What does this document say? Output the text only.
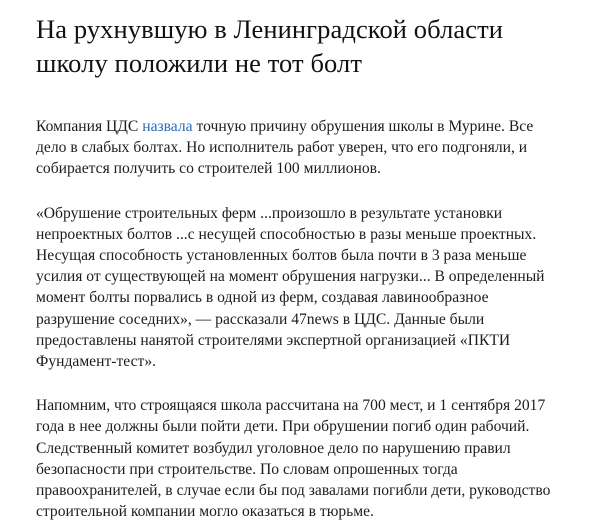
На рухнувшую в Ленинградской области
школу положили не тот болт

Компания ЦДС назвала точную причину обрушения школы в Мурине. Все дело в слабых болтах. Но исполнитель работ уверен, что его подгоняли, и собирается получить со строителей 100 миллионов.

«Обрушение строительных ферм ...произошло в результате установки непроектных болтов ...с несущей способностью в разы меньше проектных. Несущая способность установленных болтов была почти в 3 раза меньше усилия от существующей на момент обрушения нагрузки... В определенный момент болты порвались в одной из ферм, создавая лавинообразное разрушение соседних», — рассказали 47news в ЦДС. Данные были предоставлены нанятой строителями экспертной организацией «ПКТИ Фундамент-тест».

Напомним, что строящаяся школа рассчитана на 700 мест, и 1 сентября 2017 года в нее должны были пойти дети. При обрушении погиб один рабочий. Следственный комитет возбудил уголовное дело по нарушению правил безопасности при строительстве. По словам опрошенных тогда правоохранителей, в случае если бы под завалами погибли дети, руководство строительной компании могло оказаться в тюрьме.
